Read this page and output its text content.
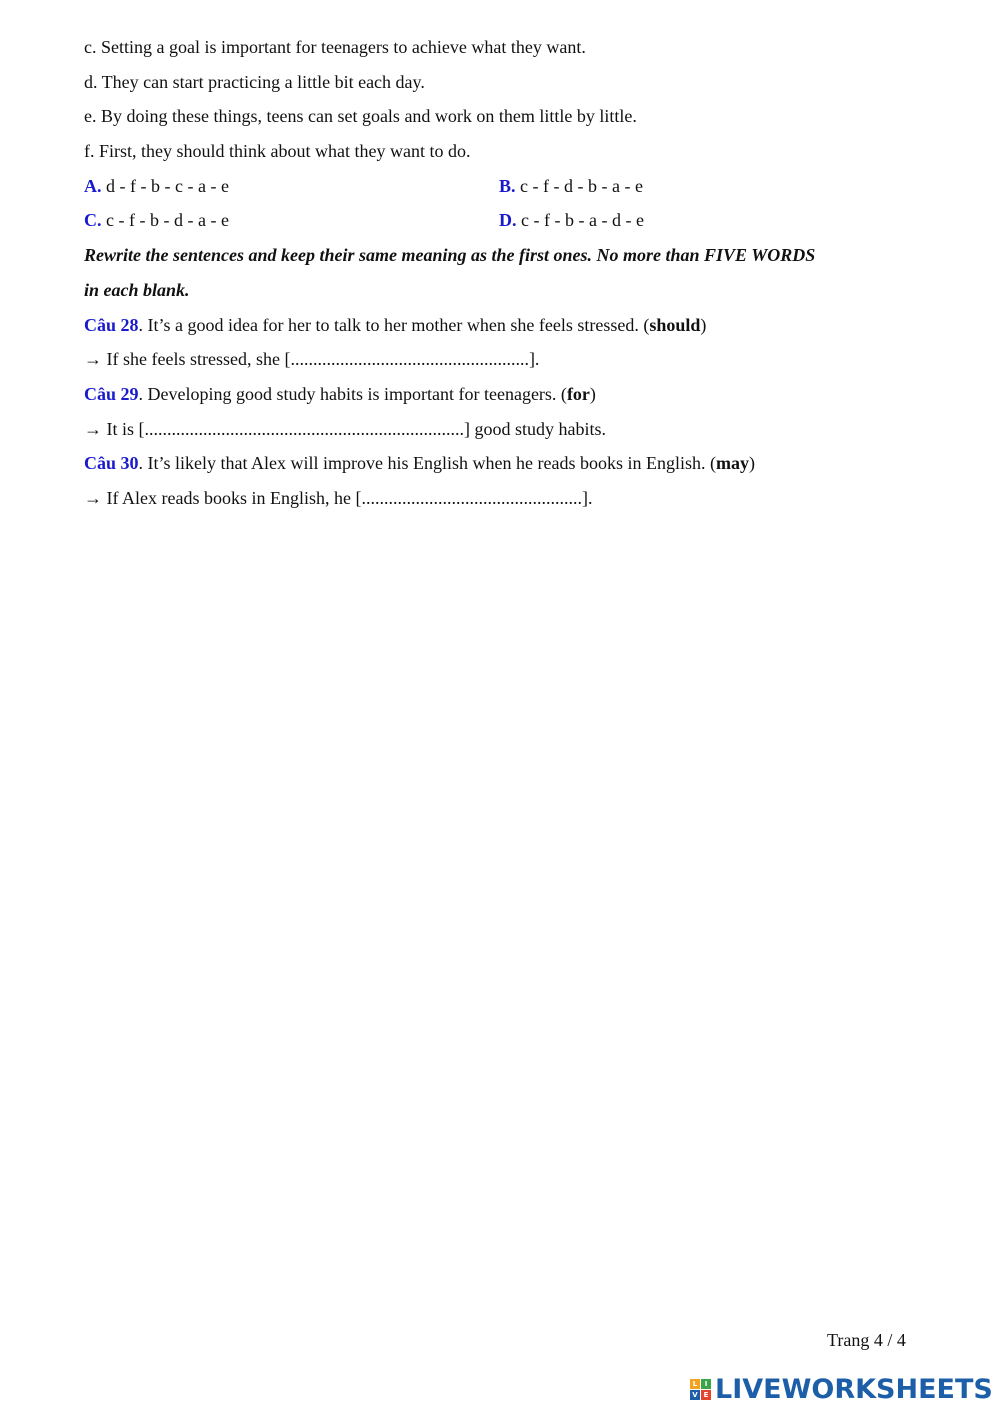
c. Setting a goal is important for teenagers to achieve what they want.
d. They can start practicing a little bit each day.
e. By doing these things, teens can set goals and work on them little by little.
f. First, they should think about what they want to do.
A. d - f - b - c - a - e	B. c - f - d - b - a - e
C. c - f - b - d - a - e	D. c - f - b - a - d - e
Rewrite the sentences and keep their same meaning as the first ones. No more than FIVE WORDS
in each blank.
Câu 28. It’s a good idea for her to talk to her mother when she feels stressed. (should)
→ If she feels stressed, she [.....................................................].
Câu 29. Developing good study habits is important for teenagers. (for)
→ It is [.......................................................................] good study habits.
Câu 30. It’s likely that Alex will improve his English when he reads books in English. (may)
→ If Alex reads books in English, he [.................................................].
Trang 4 / 4
L	I
V E LIVEWORKSHEETS
